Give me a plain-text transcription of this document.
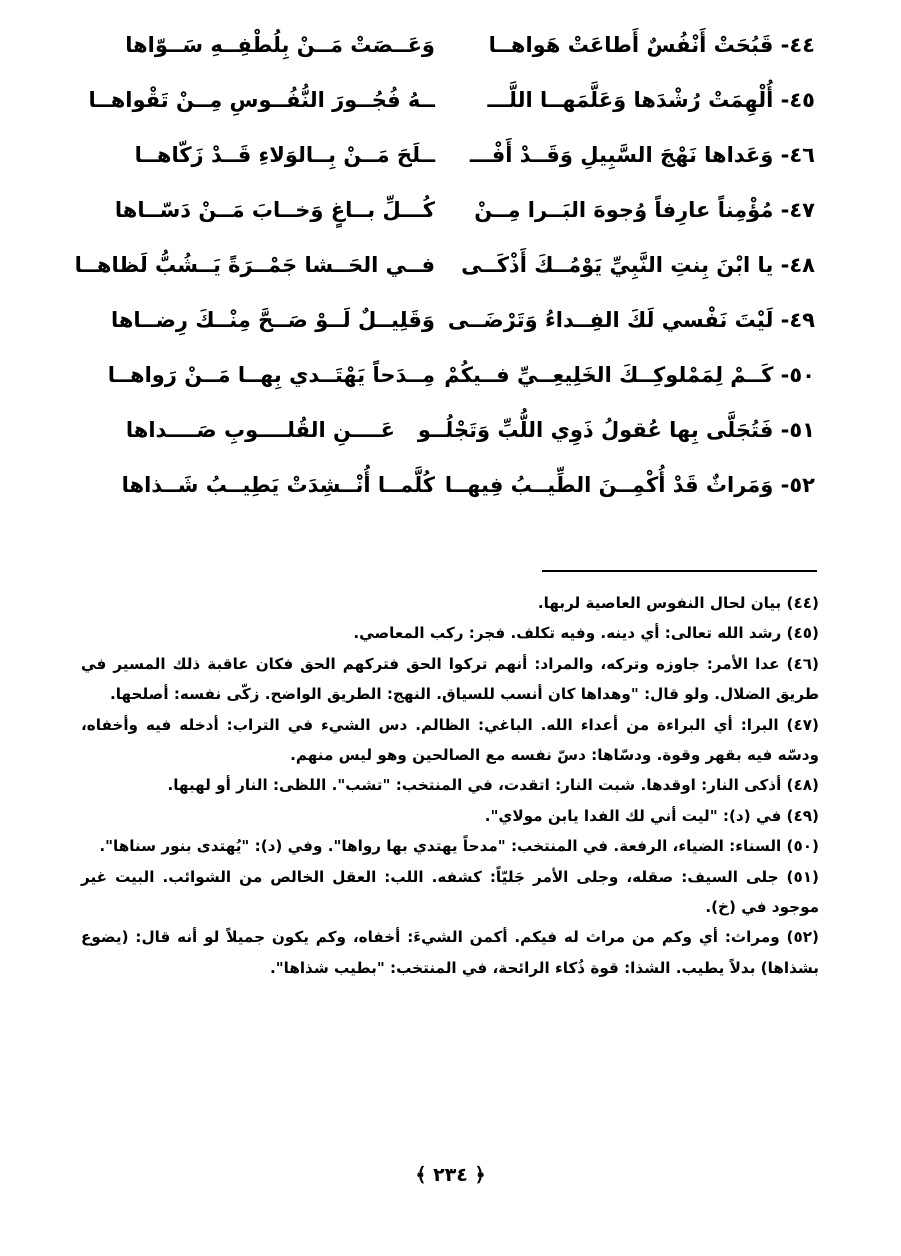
٤٤- قَبُحَتْ أَنْفُسٌ أَطاعَتْ هَواهــا
وَعَــصَتْ مَــنْ بِلُطْفِــهِ سَــوّاها
٤٥- أُلْهِمَتْ رُشْدَها وَعَلَّمَهــا اللَّـــ
ــهُ فُجُــورَ النُّفُــوسِ مِــنْ تَقْواهــا
٤٦- وَعَداها نَهْجَ السَّبِيلِ وَقَــدْ أَفْـــ
ــلَحَ مَــنْ بِــالوَلاءِ قَــدْ زَكّاهــا
٤٧- مُؤْمِناً عارِفاً وُجوهَ البَــرا مِــنْ
كُـــلِّ بــاغٍ وَخــابَ مَــنْ دَسّــاها
٤٨- يا ابْنَ بِنتِ النَّبِيِّ يَوْمُــكَ أَذْكَــى
فــي الحَــشا جَمْــرَةً يَــشُبُّ لَظاهــا
٤٩- لَيْتَ نَفْسي لَكَ الفِــداءُ وَتَرْضَــى
وَقَلِيــلٌ لَــوْ صَــحَّ مِنْــكَ رِضــاها
٥٠- كَــمْ لِمَمْلوكِــكَ الخَلِيعِــيِّ فــيكُمْ
مِــدَحاً يَهْتَــدي بِهــا مَــنْ رَواهــا
٥١- فَتُجَلَّى بِها عُقولُ ذَوِي اللُّبِّ وَتَجْلُــو
عَــــنِ القُلــــوبِ صَــــداها
٥٢- وَمَراثٌ قَدْ أُكْمِــنَ الطِّيــبُ فِيهــا
كُلَّمــا أُنْــشِدَتْ يَطِيــبُ شَــذاها

(٤٤) بيان لحال النفوس العاصية لربها.

(٤٥) رشد الله تعالى: أي دينه. وفيه تكلف. فجر: ركب المعاصي.

(٤٦) عدا الأمر: جاوزه وتركه، والمراد: أنهم تركوا الحق فتركهم الحق فكان عاقبة ذلك المسير في طريق الضلال. ولو قال: "وهداها كان أنسب للسياق. النهج: الطريق الواضح. زكّى نفسه: أصلحها.

(٤٧) البرا: أي البراءة من أعداء الله. الباغي: الظالم. دس الشيء في التراب: أدخله فيه وأخفاه، ودسّه فيه بقهر وقوة. ودسّاها: دسّ نفسه مع الصالحين وهو ليس منهم.

(٤٨) أذكى النار: اوقدها. شبت النار: اتقدت، في المنتخب: "تشب". اللظى: النار أو لهبها.

(٤٩) في (د): "ليت أني لك الفدا يابن مولاي".

(٥٠) السناء: الضياء، الرفعة. في المنتخب: "مدحاً يهتدي بها رواها". وفي (د): "يُهتدى بنور سناها".

(٥١) جلى السيف: صقله، وجلى الأمر جَليّاً: كشفه. اللب: العقل الخالص من الشوائب. البيت غير موجود في (خ).

(٥٢) ومراث: أي وكم من مراث له فيكم. أكمن الشيءَ: أخفاه، وكم يكون جميلاً لو أنه قال: (يضوع بشذاها) بدلاً يطيب. الشذا: قوة ذُكاء الرائحة، في المنتخب: "بطيب شذاها".

﴿ ٢٣٤ ﴾
